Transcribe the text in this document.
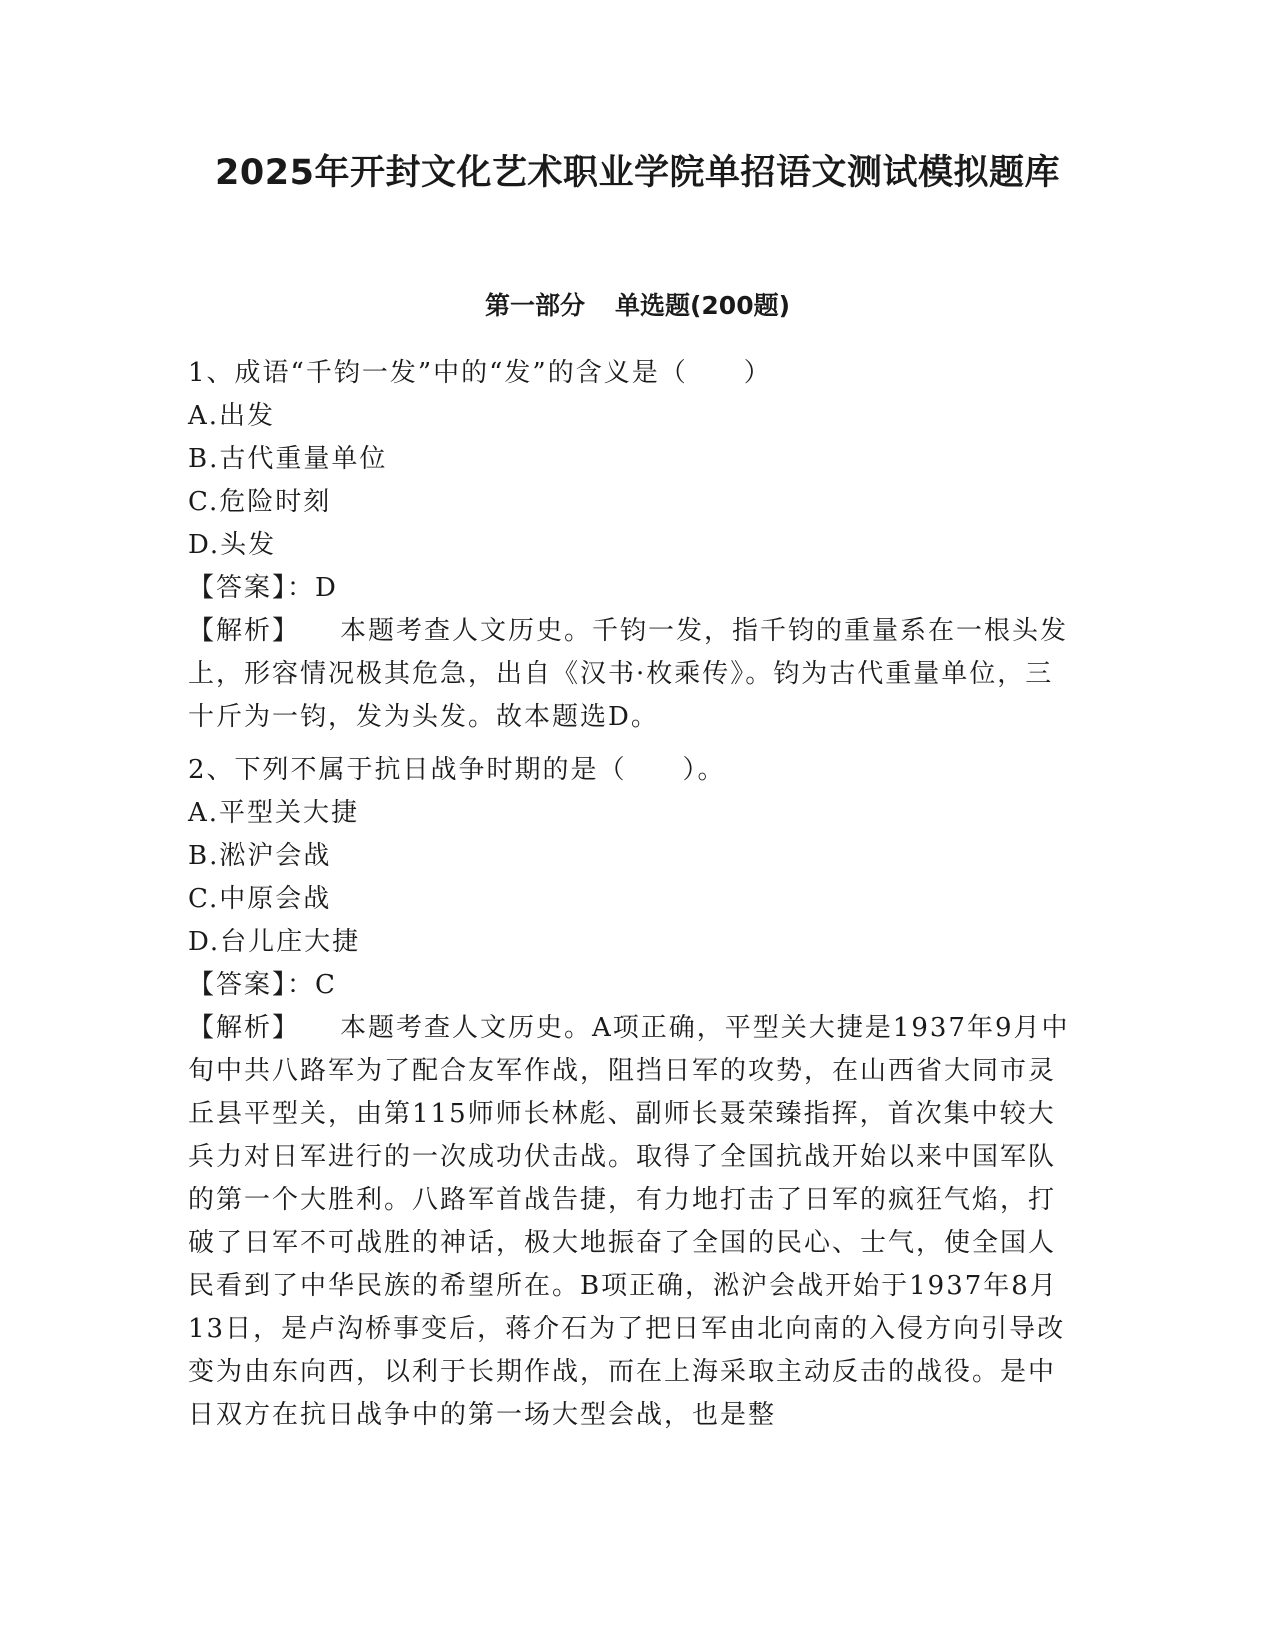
2025年开封文化艺术职业学院单招语文测试模拟题库
第一部分 单选题(200题)

1、成语“千钧一发”中的“发”的含义是（　　）

A.出发

B.古代重量单位

C.危险时刻

D.头发

【答案】：D

【解析】 本题考查人文历史。千钧一发，指千钧的重量系在一根头发上，形容情况极其危急，出自《汉书·枚乘传》。钧为古代重量单位，三十斤为一钧，发为头发。故本题选D。

2、下列不属于抗日战争时期的是（　　）。

A.平型关大捷

B.淞沪会战

C.中原会战

D.台儿庄大捷

【答案】：C

【解析】 本题考查人文历史。A项正确，平型关大捷是1937年9月中旬中共八路军为了配合友军作战，阻挡日军的攻势，在山西省大同市灵丘县平型关，由第115师师长林彪、副师长聂荣臻指挥，首次集中较大兵力对日军进行的一次成功伏击战。取得了全国抗战开始以来中国军队的第一个大胜利。八路军首战告捷，有力地打击了日军的疯狂气焰，打破了日军不可战胜的神话，极大地振奋了全国的民心、士气，使全国人民看到了中华民族的希望所在。B项正确，淞沪会战开始于1937年8月13日，是卢沟桥事变后，蒋介石为了把日军由北向南的入侵方向引导改变为由东向西，以利于长期作战，而在上海采取主动反击的战役。是中日双方在抗日战争中的第一场大型会战，也是整
